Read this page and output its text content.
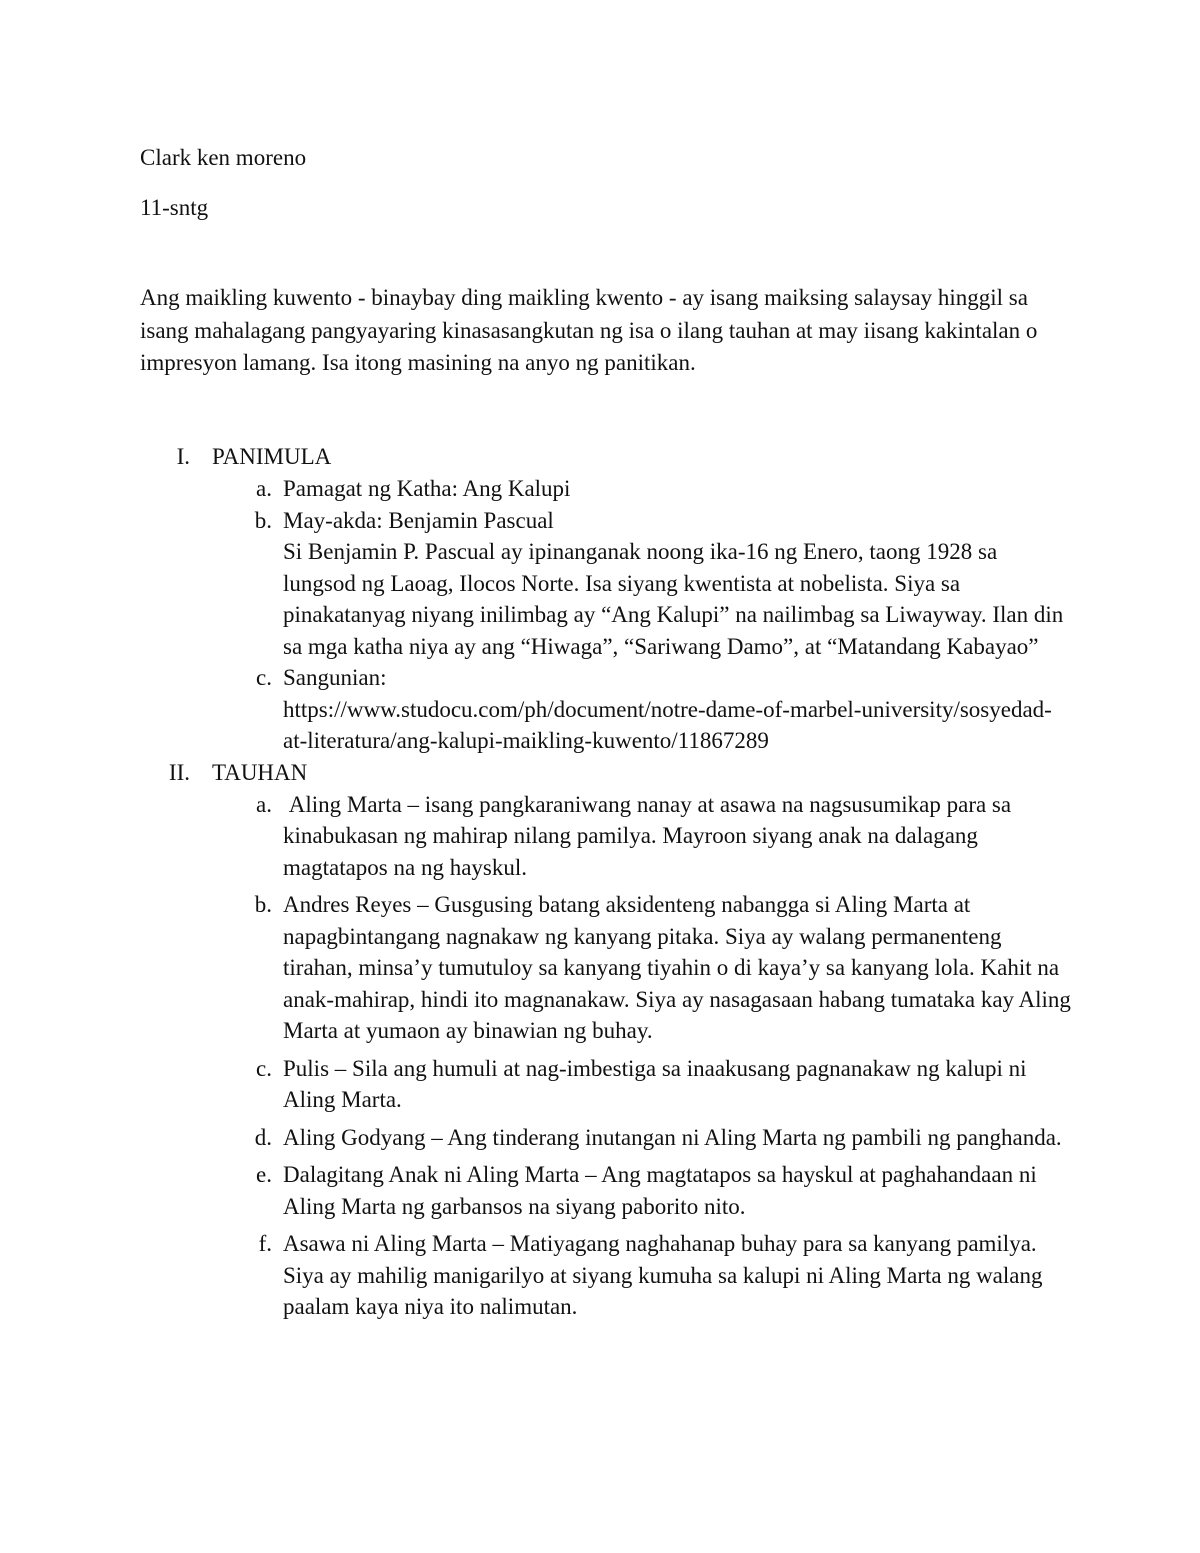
Clark ken moreno
11-sntg

Ang maikling kuwento - binaybay ding maikling kwento - ay isang maiksing salaysay hinggil sa isang mahalagang pangyayaring kinasasangkutan ng isa o ilang tauhan at may iisang kakintalan o impresyon lamang. Isa itong masining na anyo ng panitikan.

I. PANIMULA
a. Pamagat ng Katha: Ang Kalupi

b. May-akda: Benjamin Pascual

Si Benjamin P. Pascual ay ipinanganak noong ika-16 ng Enero, taong 1928 sa lungsod ng Laoag, Ilocos Norte. Isa siyang kwentista at nobelista. Siya sa pinakatanyag niyang inilimbag ay “Ang Kalupi” na nailimbag sa Liwayway. Ilan din sa mga katha niya ay ang “Hiwaga”, “Sariwang Damo”, at “Matandang Kabayao”

c. Sangunian:

https://www.studocu.com/ph/document/notre-dame-of-marbel-university/sosyedad-at-literatura/ang-kalupi-maikling-kuwento/11867289

II. TAUHAN
a. Aling Marta – isang pangkaraniwang nanay at asawa na nagsusumikap para sa kinabukasan ng mahirap nilang pamilya. Mayroon siyang anak na dalagang magtatapos na ng hayskul.

b. Andres Reyes – Gusgusing batang aksidenteng nabangga si Aling Marta at napagbintangang nagnakaw ng kanyang pitaka. Siya ay walang permanenteng tirahan, minsa’y tumutuloy sa kanyang tiyahin o di kaya’y sa kanyang lola. Kahit na anak-mahirap, hindi ito magnanakaw. Siya ay nasagasaan habang tumataka kay Aling Marta at yumaon ay binawian ng buhay.

c. Pulis – Sila ang humuli at nag-imbestiga sa inaakusang pagnanakaw ng kalupi ni Aling Marta.

d. Aling Godyang – Ang tinderang inutangan ni Aling Marta ng pambili ng panghanda.

e. Dalagitang Anak ni Aling Marta – Ang magtatapos sa hayskul at paghahandaan ni Aling Marta ng garbansos na siyang paborito nito.

f. Asawa ni Aling Marta – Matiyagang naghahanap buhay para sa kanyang pamilya. Siya ay mahilig manigarilyo at siyang kumuha sa kalupi ni Aling Marta ng walang paalam kaya niya ito nalimutan.
